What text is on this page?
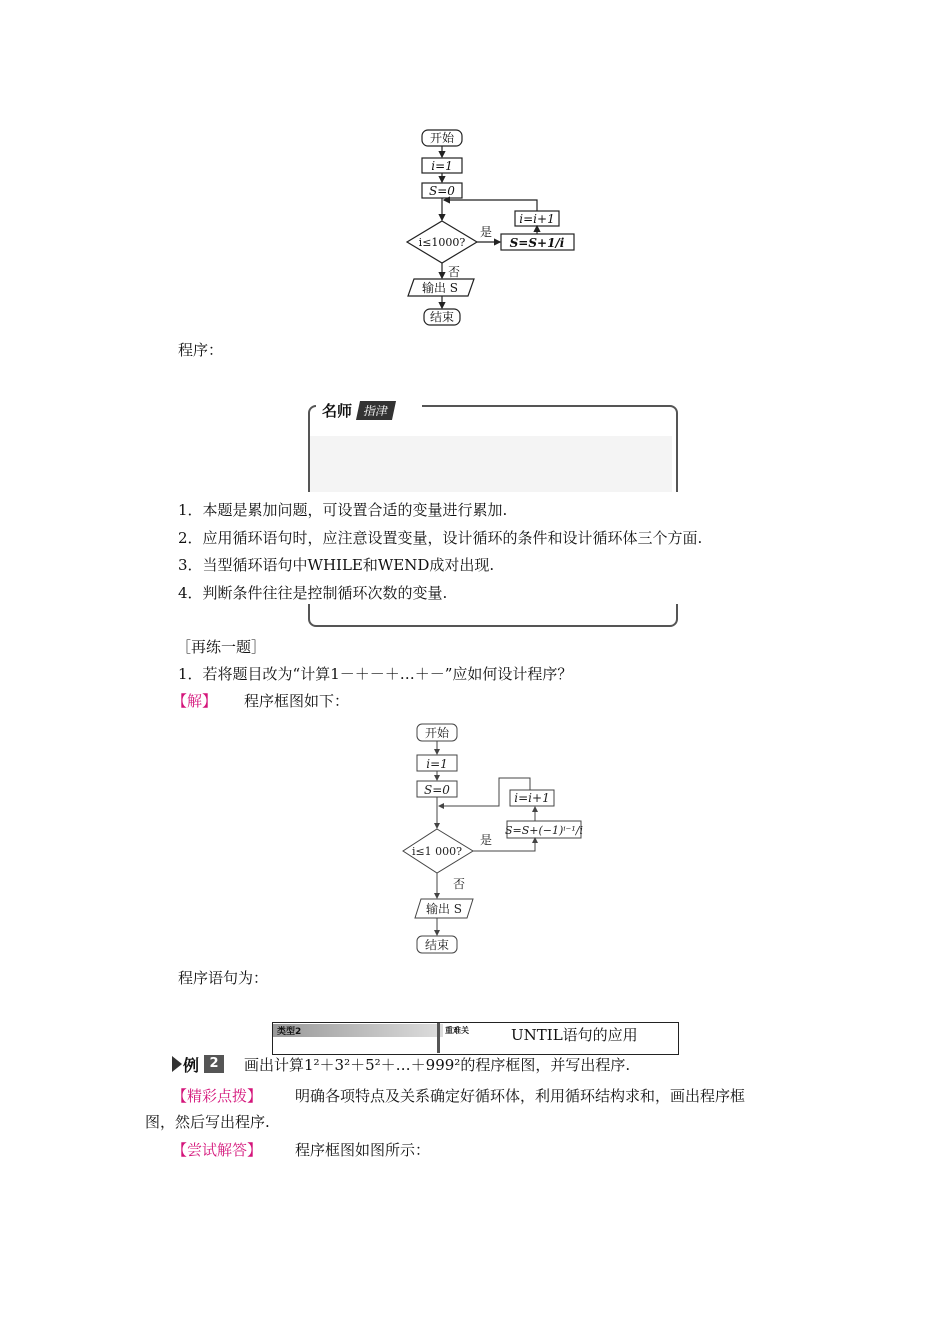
开始
i=1
S=0
i≤1000?
是
S=S+1/i
i=i+1
否
输出 S
结束
程序：
名师 指津
1．本题是累加问题，可设置合适的变量进行累加.
2．应用循环语句时，应注意设置变量，设计循环的条件和设计循环体三个方面.
3．当型循环语句中WHILE和WEND成对出现.
4．判断条件往往是控制循环次数的变量.
［再练一题］
1．若将题目改为“计算1－＋－＋…＋－”应如何设计程序？
【解】 程序框图如下：
开始
i=1
S=0
i≤1 000?
是
S=S+(−1)ⁱ⁻¹/i
i=i+1
否
输出 S
结束
程序语句为：
类型2	重难关	UNTIL语句的应用
例 2	画出计算1²＋3²＋5²＋…＋999²的程序框图，并写出程序.
【精彩点拨】 明确各项特点及关系确定好循环体，利用循环结构求和，画出程序框
图，然后写出程序.
【尝试解答】 程序框图如图所示：
